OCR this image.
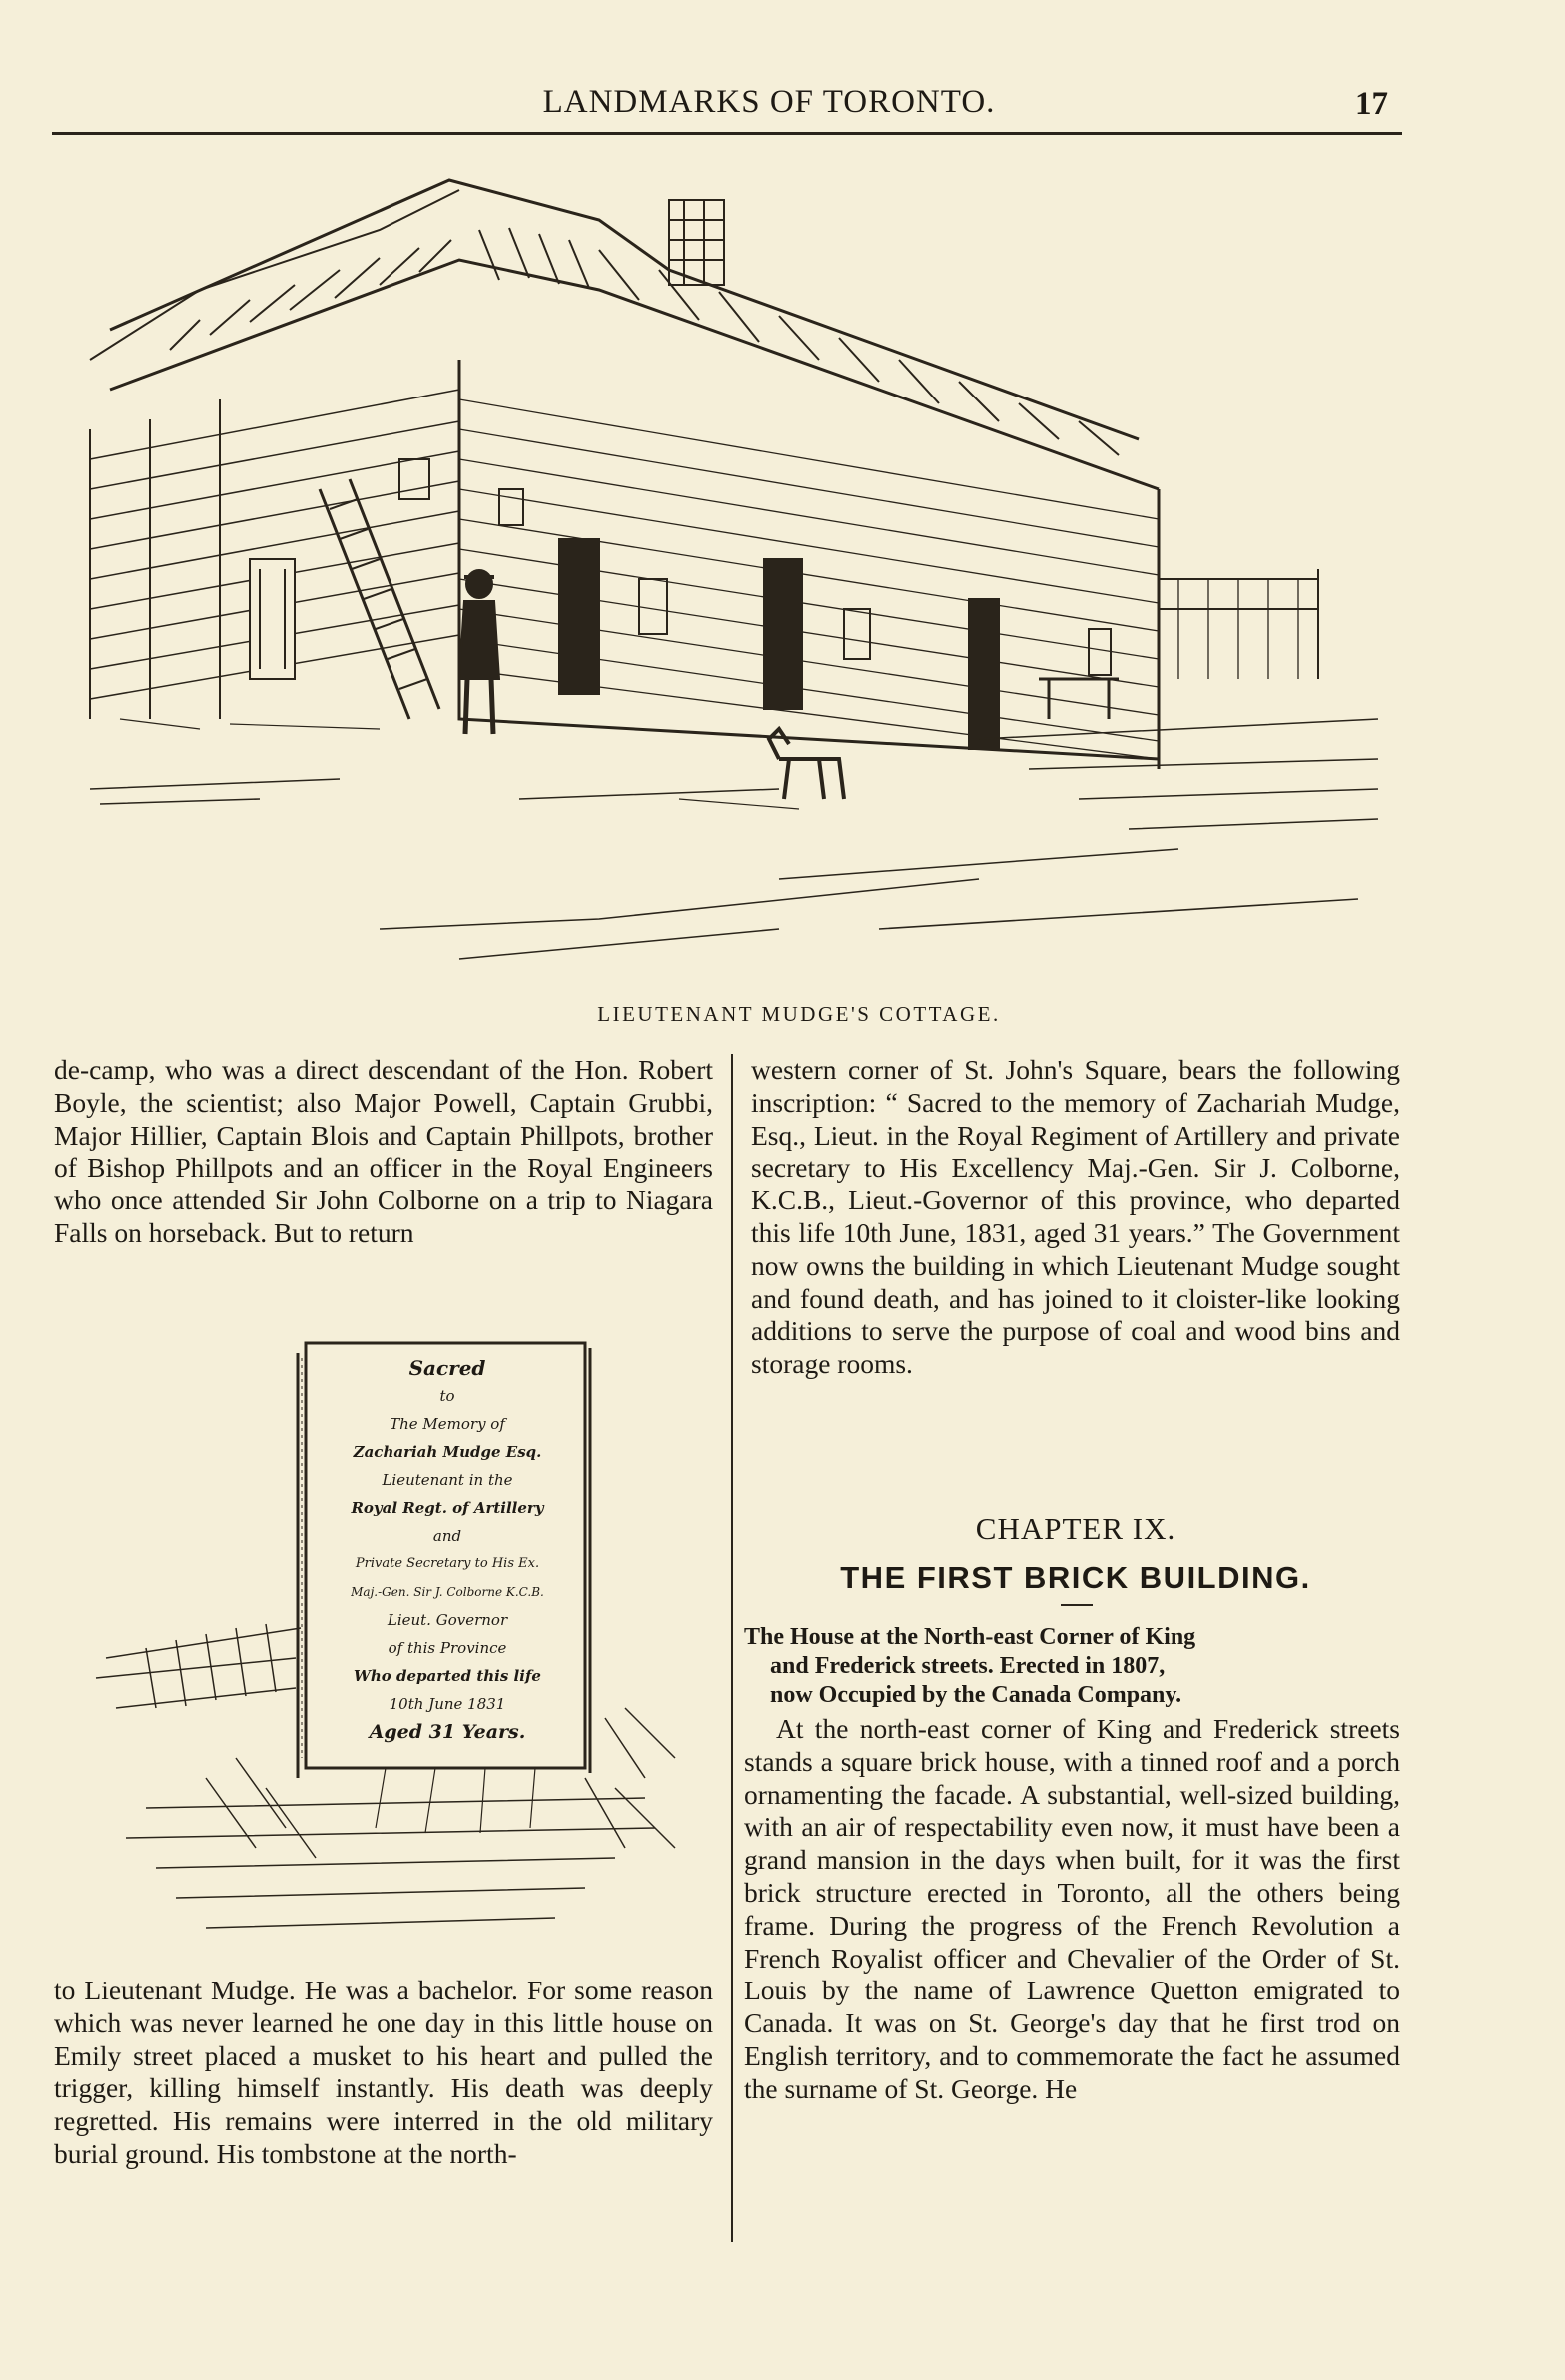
LANDMARKS OF TORONTO.	17
LIEUTENANT MUDGE'S COTTAGE.

de-camp, who was a direct descendant of the Hon. Robert Boyle, the scientist; also Major Powell, Captain Grubbi, Major Hillier, Captain Blois and Captain Phillpots, brother of Bishop Phillpots and an officer in the Royal Engineers who once attended Sir John Colborne on a trip to Niagara Falls on horseback. But to return

Sacred
to
The Memory of
Zachariah Mudge Esq.
Lieutenant in the
Royal Regt. of Artillery
and
Private Secretary to His Ex.
Maj.-Gen. Sir J. Colborne K.C.B.
Lieut. Governor
of this Province
Who departed this life
10th June 1831
Aged 31 Years.

to Lieutenant Mudge. He was a bachelor. For some reason which was never learned he one day in this little house on Emily street placed a musket to his heart and pulled the trigger, killing himself instantly. His death was deeply regretted. His remains were interred in the old military burial ground. His tombstone at the north-

western corner of St. John's Square, bears the following inscription: “ Sacred to the memory of Zachariah Mudge, Esq., Lieut. in the Royal Regiment of Artillery and private secretary to His Excellency Maj.-Gen. Sir J. Colborne, K.C.B., Lieut.-Governor of this province, who departed this life 10th June, 1831, aged 31 years.” The Government now owns the building in which Lieutenant Mudge sought and found death, and has joined to it cloister-like looking additions to serve the purpose of coal and wood bins and storage rooms.

CHAPTER IX.
THE FIRST BRICK BUILDING.
The House at the North-east Corner of King
and Frederick streets. Erected in 1807,
now Occupied by the Canada Company.

At the north-east corner of King and Frederick streets stands a square brick house, with a tinned roof and a porch ornamenting the facade. A substantial, well-sized building, with an air of respectability even now, it must have been a grand mansion in the days when built, for it was the first brick structure erected in Toronto, all the others being frame. During the progress of the French Revolution a French Royalist officer and Chevalier of the Order of St. Louis by the name of Lawrence Quetton emigrated to Canada. It was on St. George's day that he first trod on English territory, and to commemorate the fact he assumed the surname of St. George. He
